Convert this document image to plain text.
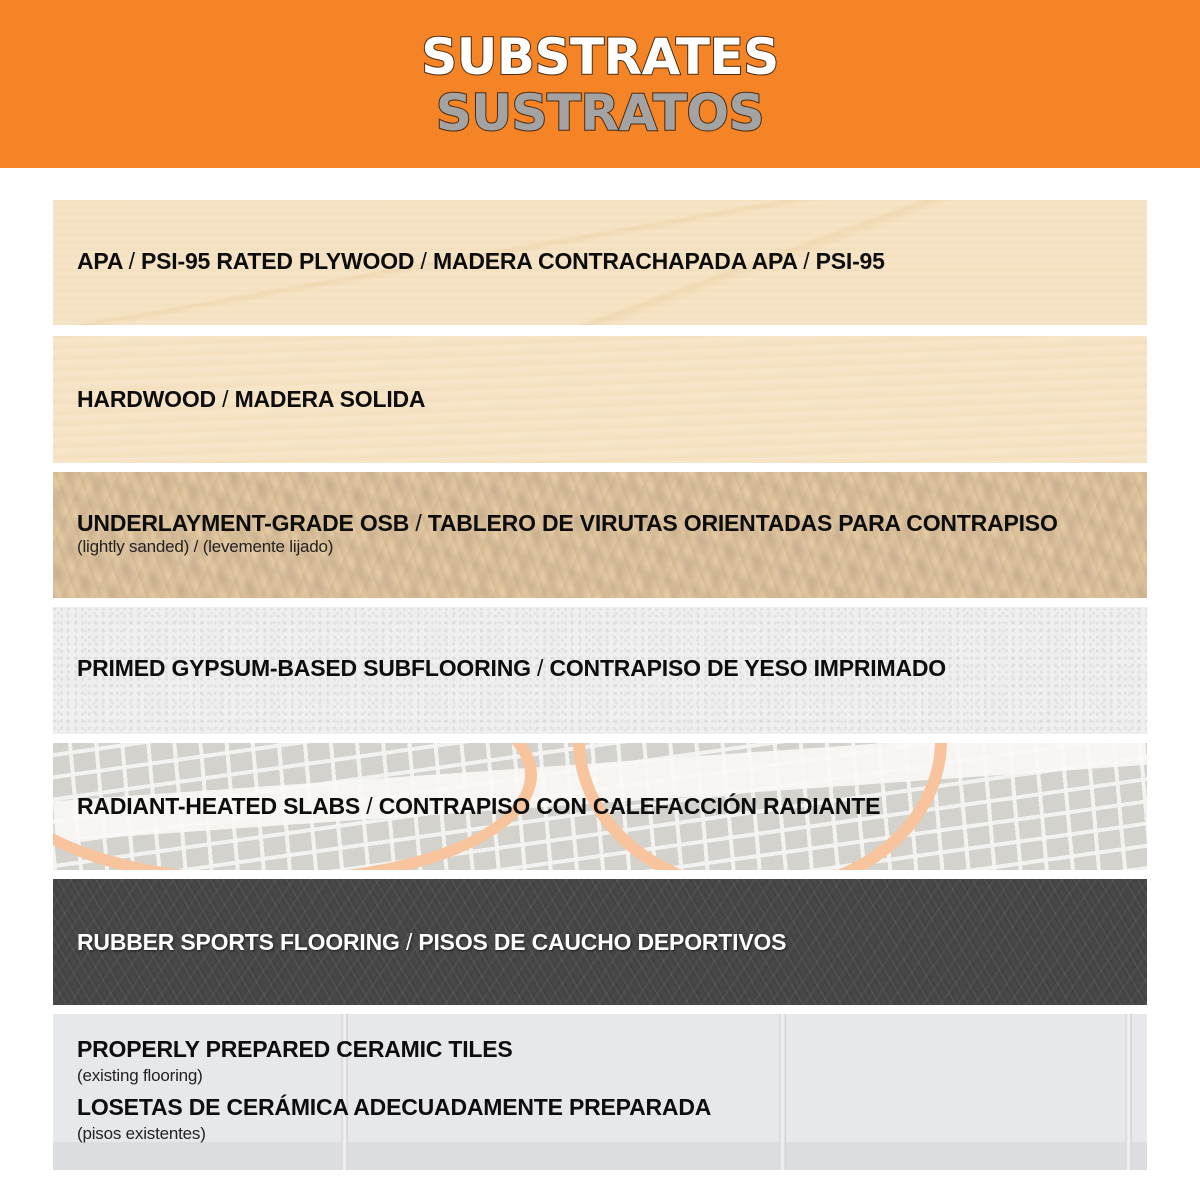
SUBSTRATES
SUSTRATOS
APA / PSI-95 RATED PLYWOOD / MADERA CONTRACHAPADA APA / PSI-95
HARDWOOD / MADERA SOLIDA
UNDERLAYMENT-GRADE OSB / TABLERO DE VIRUTAS ORIENTADAS PARA CONTRAPISO
(lightly sanded) / (levemente lijado)
PRIMED GYPSUM-BASED SUBFLOORING / CONTRAPISO DE YESO IMPRIMADO
RADIANT-HEATED SLABS / CONTRAPISO CON CALEFACCIÓN RADIANTE
RUBBER SPORTS FLOORING / PISOS DE CAUCHO DEPORTIVOS
PROPERLY PREPARED CERAMIC TILES
(existing flooring)
LOSETAS DE CERÁMICA ADECUADAMENTE PREPARADA
(pisos existentes)
